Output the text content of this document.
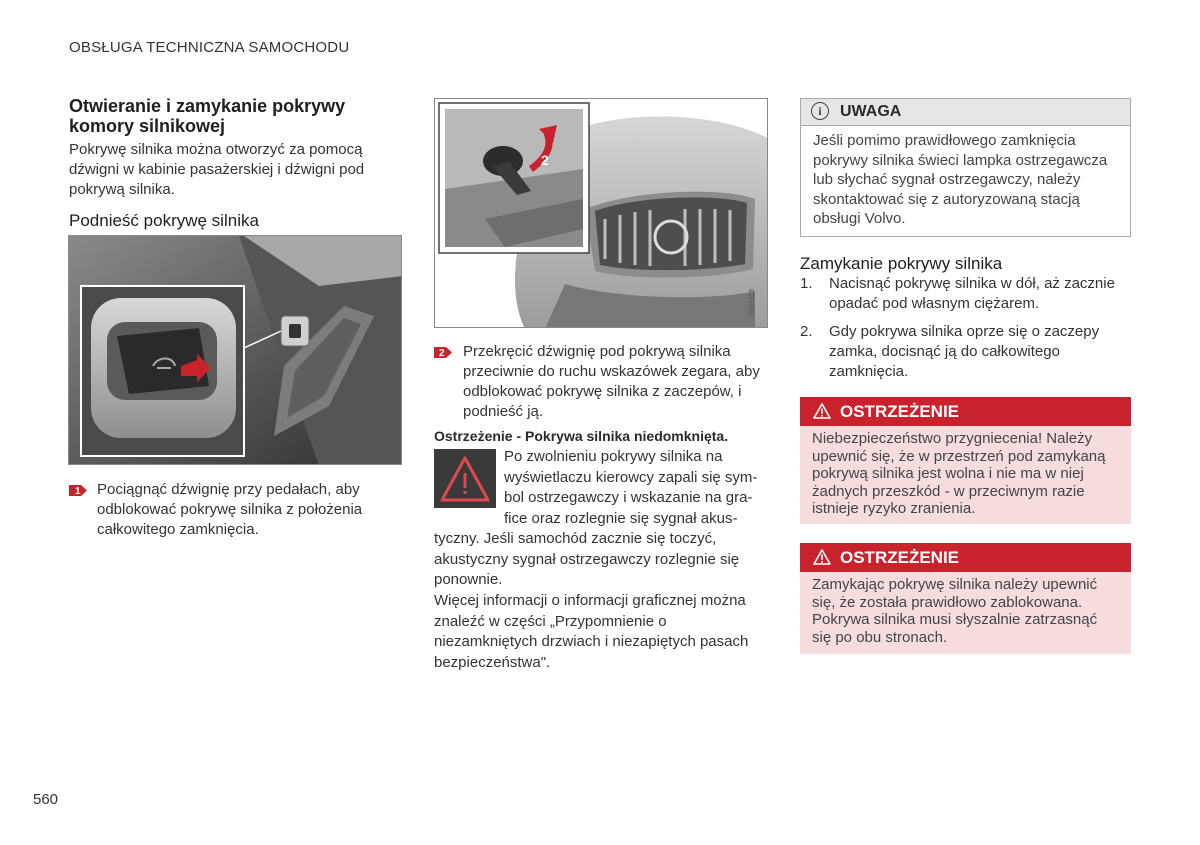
OBSŁUGA TECHNICZNA SAMOCHODU
Otwieranie i zamykanie pokrywy komory silnikowej
Pokrywę silnika można otworzyć za pomocą dźwigni w kabinie pasażerskiej i dźwigni pod pokrywą silnika.
Podnieść pokrywę silnika
G051658
1 Pociągnąć dźwignię przy pedałach, aby odblokować pokrywę silnika z położenia całkowitego zamknięcia.
2
G055115
2 Przekręcić dźwignię pod pokrywą silnika przeciwnie do ruchu wskazówek zegara, aby odblokować pokrywę silnika z zaczepów, i podnieść ją.
Ostrzeżenie - Pokrywa silnika niedomknięta.

Po zwolnieniu pokrywy silnika na

wyświetlaczu kierowcy zapali się sym-

bol ostrzegawczy i wskazanie na gra-

fice oraz rozlegnie się sygnał akus-

tyczny. Jeśli samochód zacznie się toczyć, akustyczny sygnał ostrzegawczy rozlegnie się ponownie.

Więcej informacji o informacji graficznej można znaleźć w części „Przypomnienie o niezamkniętych drzwiach i niezapiętych pasach bezpieczeństwa".
i	UWAGA
Jeśli pomimo prawidłowego zamknięcia pokrywy silnika świeci lampka ostrzegawcza lub słychać sygnał ostrzegawczy, należy skontaktować się z autoryzowaną stacją obsługi Volvo.
Zamykanie pokrywy silnika
1. Nacisnąć pokrywę silnika w dół, aż zacznie opadać pod własnym ciężarem.
2. Gdy pokrywa silnika oprze się o zaczepy zamka, docisnąć ją do całkowitego zamknięcia.
OSTRZEŻENIE
Niebezpieczeństwo przygniecenia! Należy upewnić się, że w przestrzeń pod zamykaną pokrywą silnika jest wolna i nie ma w niej żadnych przeszkód - w przeciwnym razie istnieje ryzyko zranienia.
OSTRZEŻENIE
Zamykając pokrywę silnika należy upewnić się, że została prawidłowo zablokowana. Pokrywa silnika musi słyszalnie zatrzasnąć się po obu stronach.
560
